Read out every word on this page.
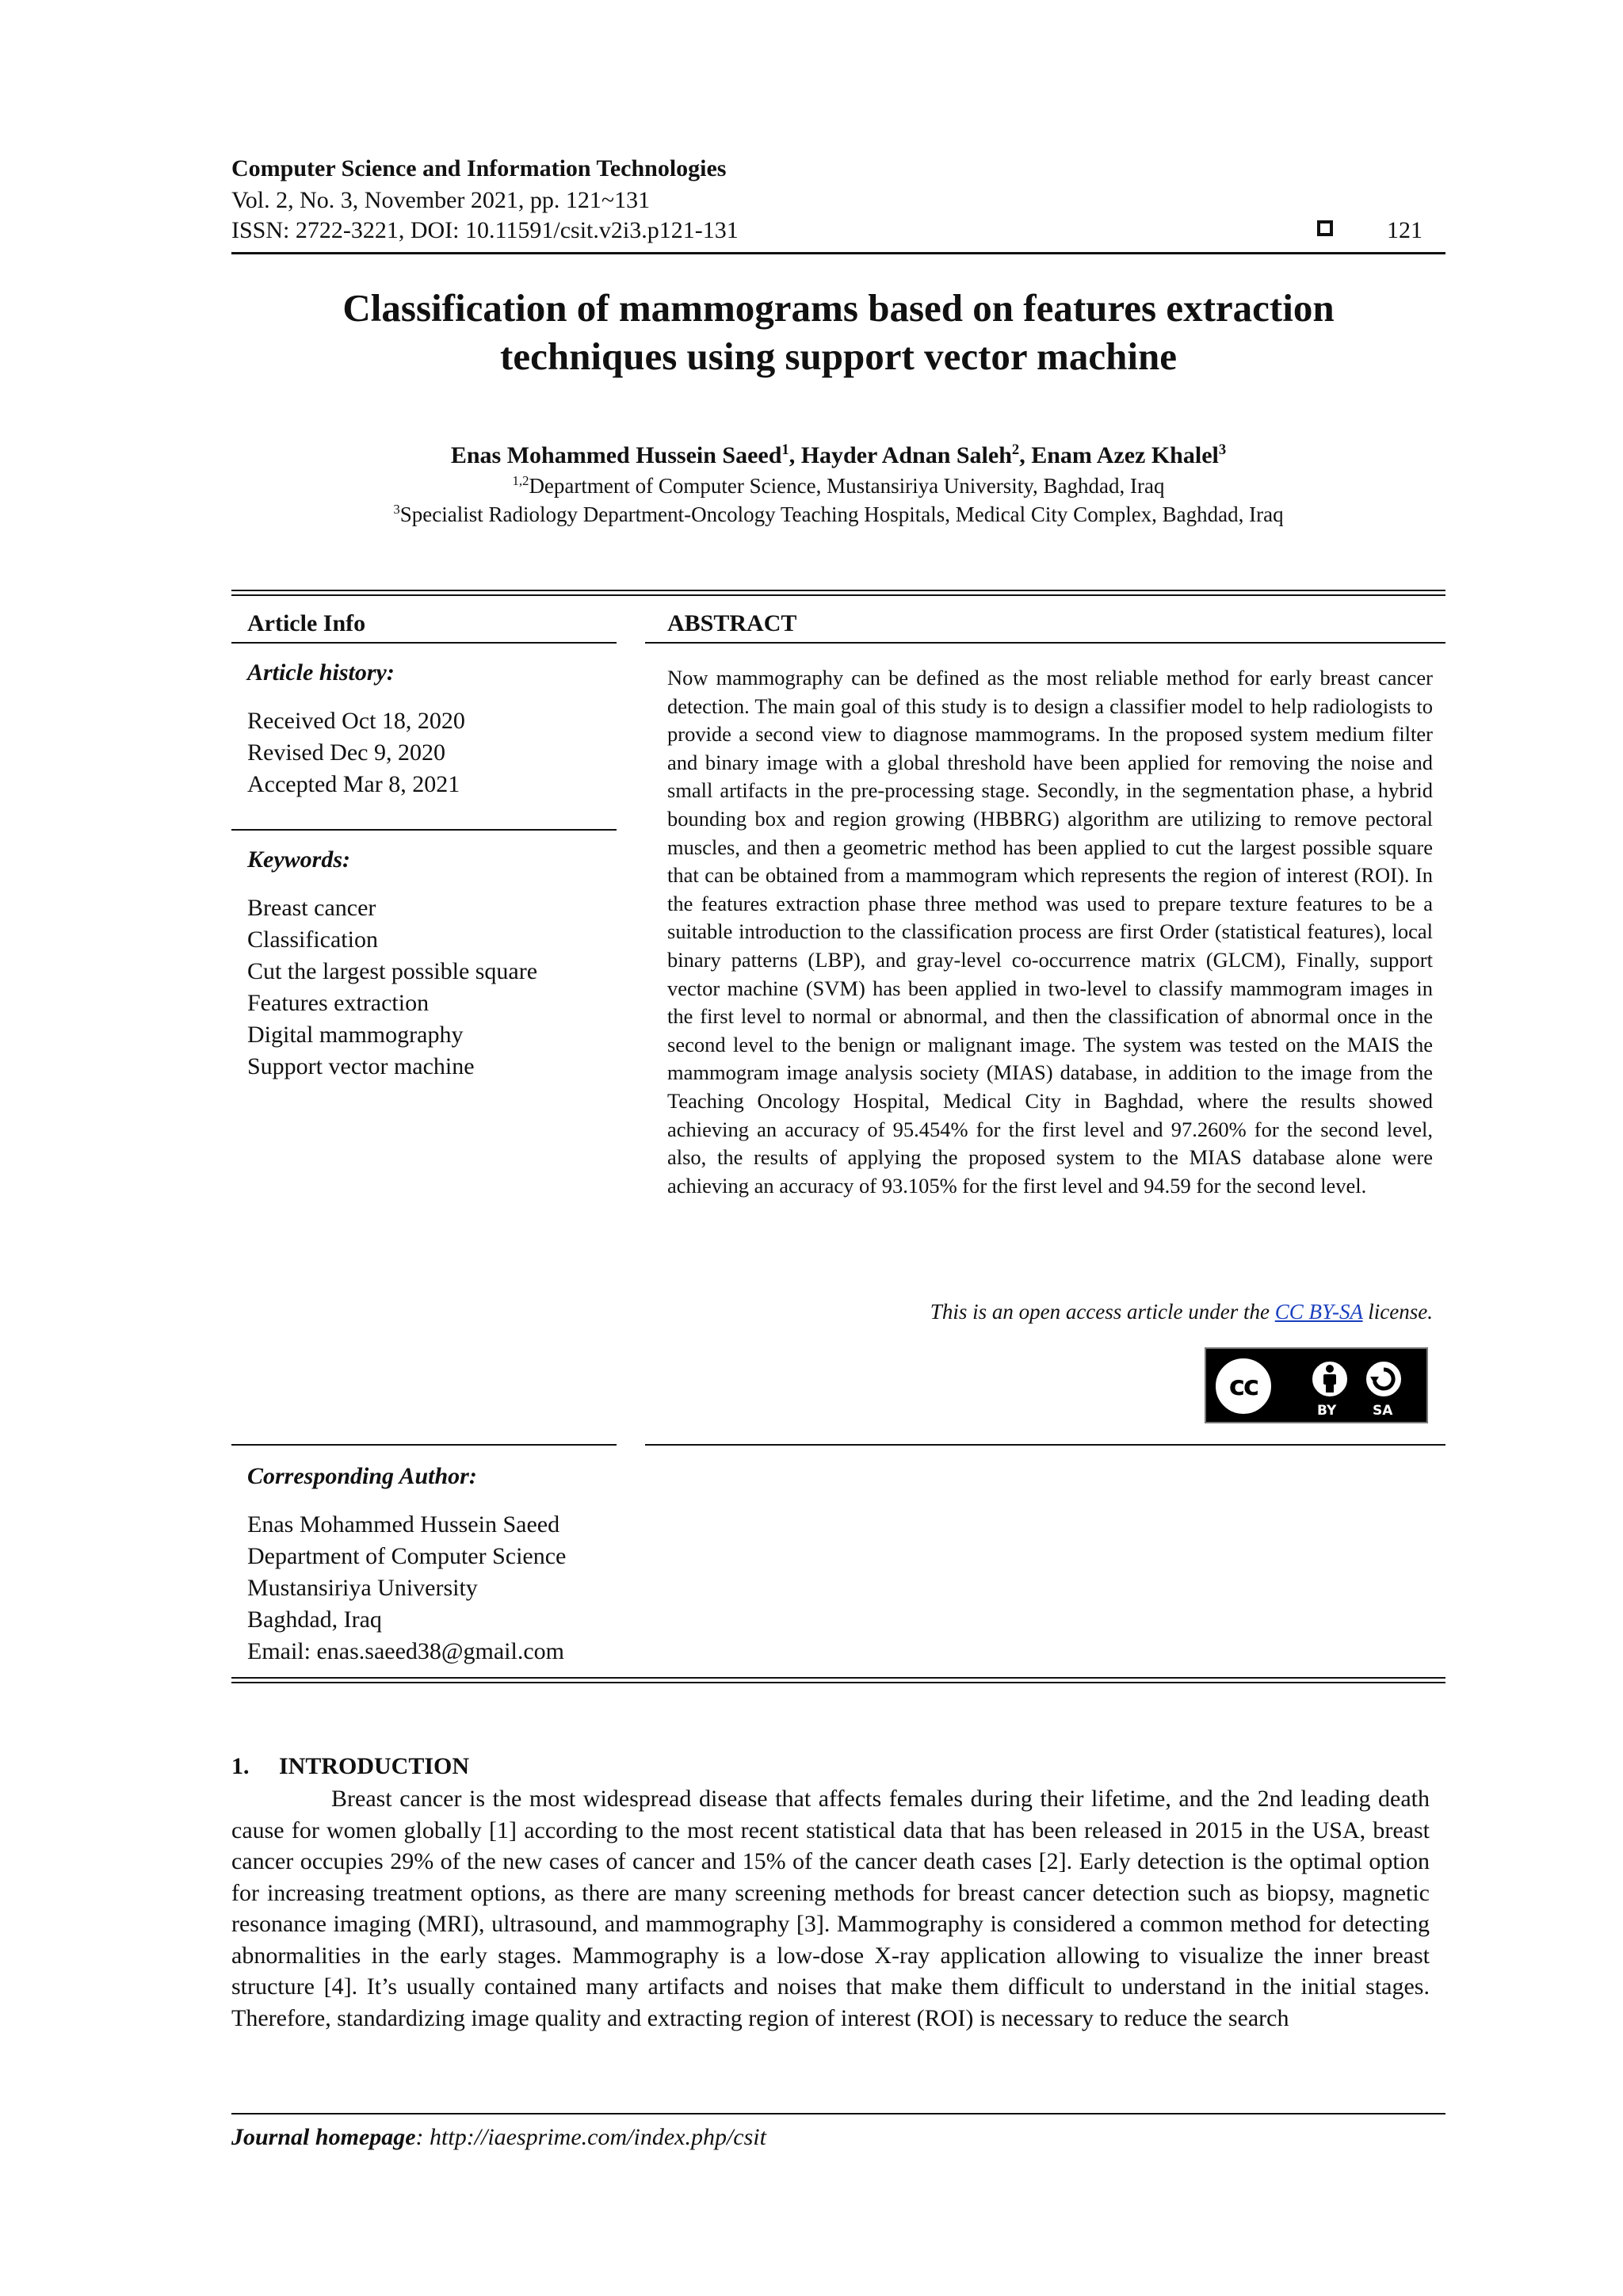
Computer Science and Information Technologies
Vol. 2, No. 3, November 2021, pp. 121~131
ISSN: 2722-3221, DOI: 10.11591/csit.v2i3.p121-131	121
Classification of mammograms based on features extraction
techniques using support vector machine
Enas Mohammed Hussein Saeed$^1$, Hayder Adnan Saleh$^2$, Enam Azez Khalel$^3$
$^{1,2}$Department of Computer Science, Mustansiriya University, Baghdad, Iraq
$^3$Specialist Radiology Department-Oncology Teaching Hospitals, Medical City Complex, Baghdad, Iraq
Article Info
Article history:
Received Oct 18, 2020
Revised Dec 9, 2020
Accepted Mar 8, 2021
Keywords:
Breast cancer
Classification
Cut the largest possible square
Features extraction
Digital mammography
Support vector machine
ABSTRACT

Now mammography can be defined as the most reliable method for early breast cancer detection. The main goal of this study is to design a classifier model to help radiologists to provide a second view to diagnose mammograms. In the proposed system medium filter and binary image with a global threshold have been applied for removing the noise and small artifacts in the pre-processing stage. Secondly, in the segmentation phase, a hybrid bounding box and region growing (HBBRG) algorithm are utilizing to remove pectoral muscles, and then a geometric method has been applied to cut the largest possible square that can be obtained from a mammogram which represents the region of interest (ROI). In the features extraction phase three method was used to prepare texture features to be a suitable introduction to the classification process are first Order (statistical features), local binary patterns (LBP), and gray-level co-occurrence matrix (GLCM), Finally, support vector machine (SVM) has been applied in two-level to classify mammogram images in the first level to normal or abnormal, and then the classification of abnormal once in the second level to the benign or malignant image. The system was tested on the MAIS the mammogram image analysis society (MIAS) database, in addition to the image from the Teaching Oncology Hospital, Medical City in Baghdad, where the results showed achieving an accuracy of 95.454% for the first level and 97.260% for the second level, also, the results of applying the proposed system to the MIAS database alone were achieving an accuracy of 93.105% for the first level and 94.59 for the second level.

This is an open access article under the CC BY-SA license.
cc
BY	SA
Corresponding Author:
Enas Mohammed Hussein Saeed
Department of Computer Science
Mustansiriya University
Baghdad, Iraq
Email: enas.saeed38@gmail.com
1.     INTRODUCTION

Breast cancer is the most widespread disease that affects females during their lifetime, and the 2nd leading death cause for women globally [1] according to the most recent statistical data that has been released in 2015 in the USA, breast cancer occupies 29% of the new cases of cancer and 15% of the cancer death cases [2]. Early detection is the optimal option for increasing treatment options, as there are many screening methods for breast cancer detection such as biopsy, magnetic resonance imaging (MRI), ultrasound, and mammography [3]. Mammography is considered a common method for detecting abnormalities in the early stages. Mammography is a low-dose X-ray application allowing to visualize the inner breast structure [4]. It’s usually contained many artifacts and noises that make them difficult to understand in the initial stages. Therefore, standardizing image quality and extracting region of interest (ROI) is necessary to reduce the search

Journal homepage: http://iaesprime.com/index.php/csit
